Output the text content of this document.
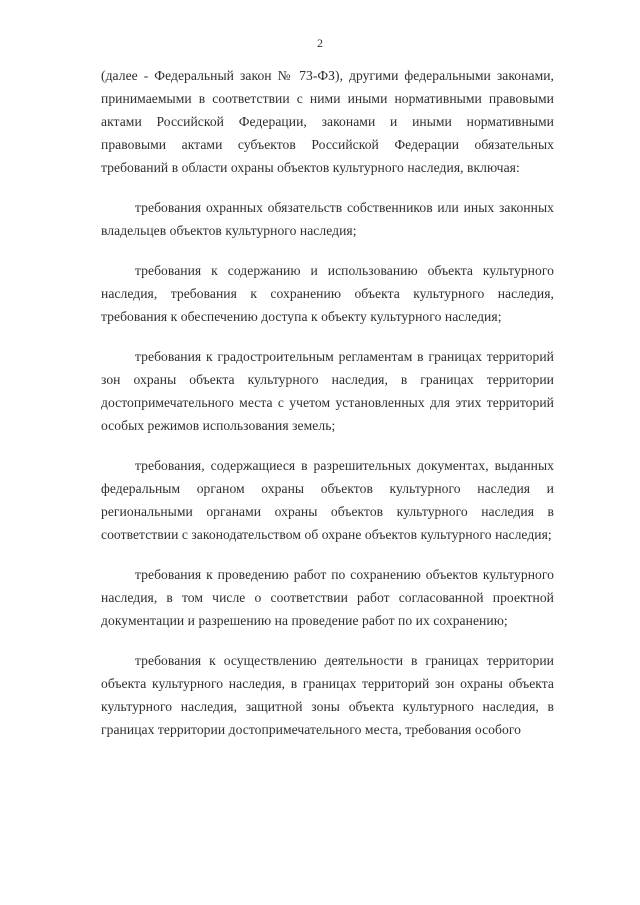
2

(далее - Федеральный закон № 73-ФЗ), другими федеральными законами, принимаемыми в соответствии с ними иными нормативными правовыми актами Российской Федерации, законами и иными нормативными правовыми актами субъектов Российской Федерации обязательных требований в области охраны объектов культурного наследия, включая:

требования охранных обязательств собственников или иных законных владельцев объектов культурного наследия;

требования к содержанию и использованию объекта культурного наследия, требования к сохранению объекта культурного наследия, требования к обеспечению доступа к объекту культурного наследия;

требования к градостроительным регламентам в границах территорий зон охраны объекта культурного наследия, в границах территории достопримечательного места с учетом установленных для этих территорий особых режимов использования земель;

требования, содержащиеся в разрешительных документах, выданных федеральным органом охраны объектов культурного наследия и региональными органами охраны объектов культурного наследия в соответствии с законодательством об охране объектов культурного наследия;

требования к проведению работ по сохранению объектов культурного наследия, в том числе о соответствии работ согласованной проектной документации и разрешению на проведение работ по их сохранению;

требования к осуществлению деятельности в границах территории объекта культурного наследия, в границах территорий зон охраны объекта культурного наследия, защитной зоны объекта культурного наследия, в границах территории достопримечательного места, требования особого
